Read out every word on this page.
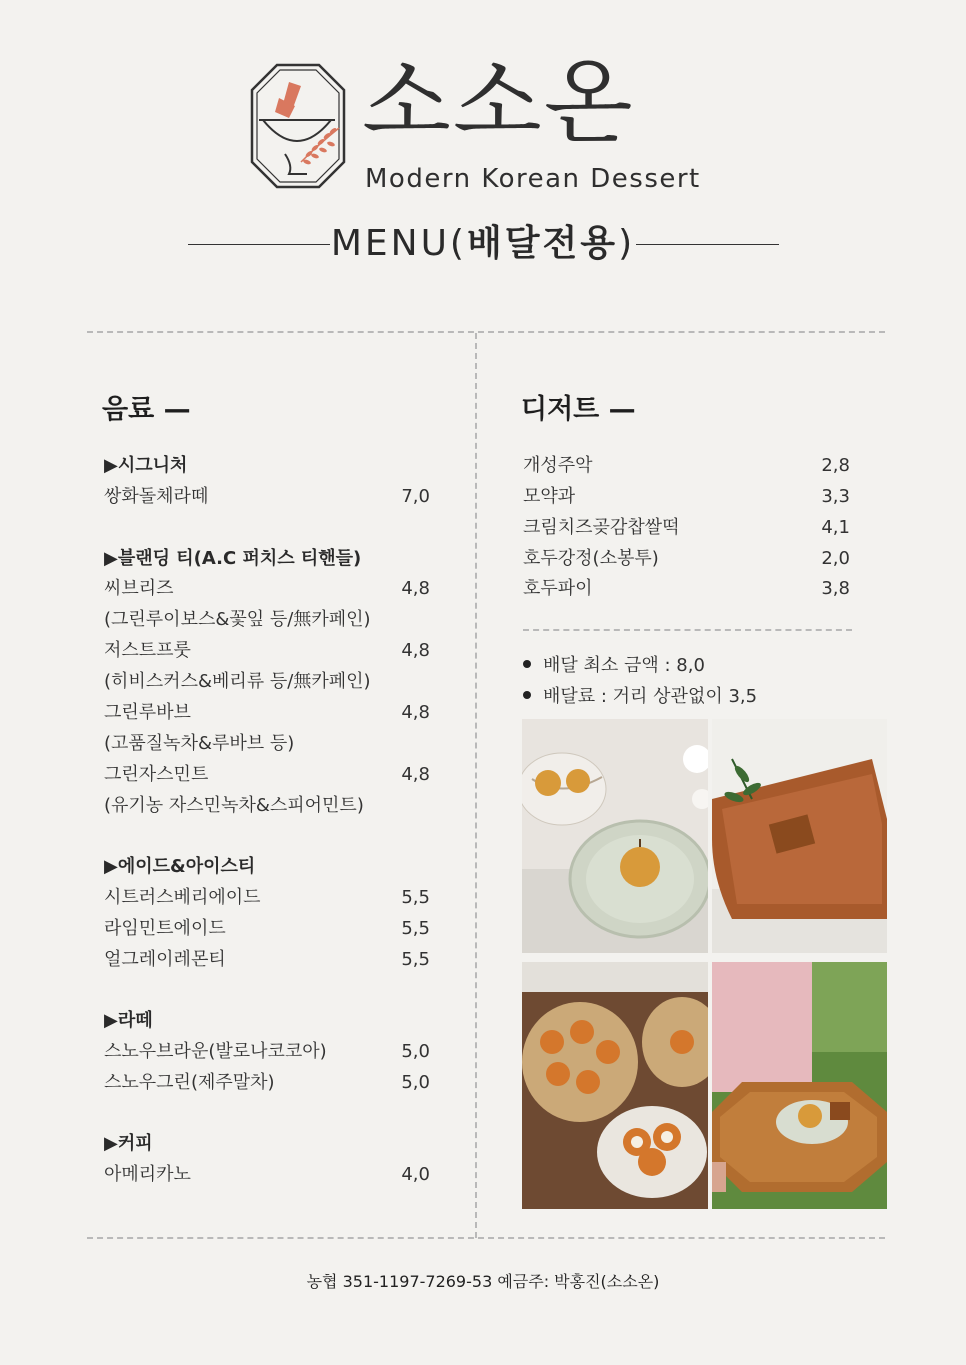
소소온
Modern Korean Dessert
MENU(배달전용)
음료 —
▶시그니처
쌍화돌체라떼	7,0
▶블랜딩 티(A.C 퍼치스 티핸들)
씨브리즈	4,8
(그린루이보스&꽃잎 등/無카페인)
저스트프룻	4,8
(히비스커스&베리류 등/無카페인)
그린루바브	4,8
(고품질녹차&루바브 등)
그린자스민트	4,8
(유기농 자스민녹차&스피어민트)
▶에이드&아이스티
시트러스베리에이드	5,5
라임민트에이드	5,5
얼그레이레몬티	5,5
▶라떼
스노우브라운(발로나코코아)	5,0
스노우그린(제주말차)	5,0
▶커피
아메리카노	4,0
디저트 —
개성주악	2,8
모약과	3,3
크림치즈곶감찹쌀떡	4,1
호두강정(소봉투)	2,0
호두파이	3,8
배달 최소 금액 : 8,0
배달료 : 거리 상관없이 3,5
농협 351-1197-7269-53 예금주: 박홍진(소소온)
